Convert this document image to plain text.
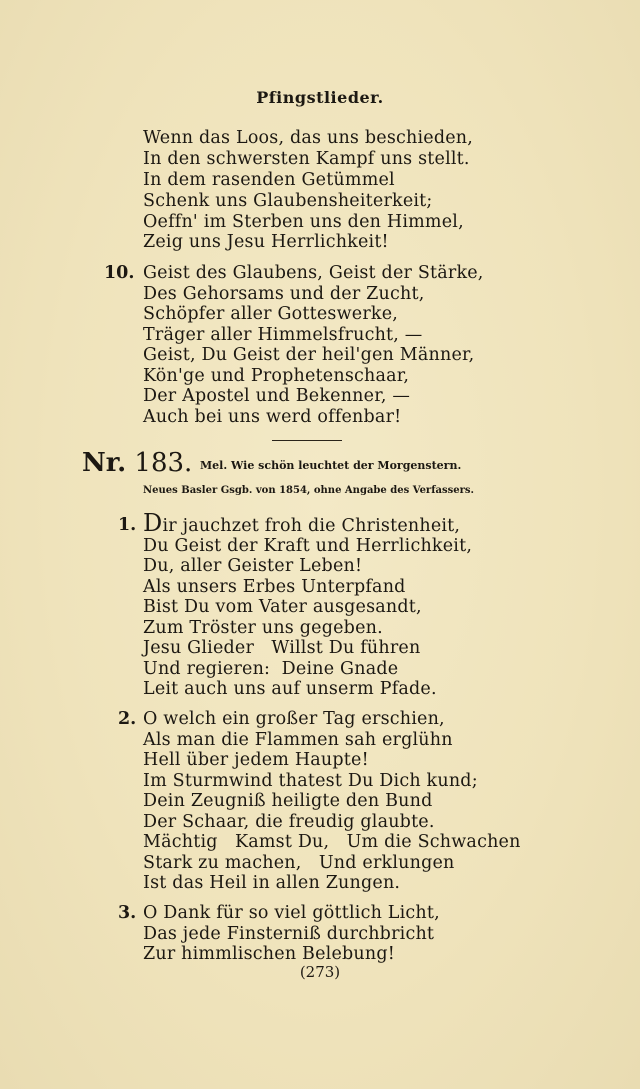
Pfingstlieder.
Wenn das Loos, das uns beschieden,
In den schwersten Kampf uns stellt.
In dem rasenden Getümmel
Schenk uns Glaubensheiterkeit;
Oeffn' im Sterben uns den Himmel,
Zeig uns Jesu Herrlichkeit!
10. Geist des Glaubens, Geist der Stärke,
Des Gehorsams und der Zucht,
Schöpfer aller Gotteswerke,
Träger aller Himmelsfrucht, —
Geist, Du Geist der heil'gen Männer,
Kön'ge und Prophetenschaar,
Der Apostel und Bekenner, —
Auch bei uns werd offenbar!
Nr. 183. Mel. Wie schön leuchtet der Morgenstern.
Neues Basler Gsgb. von 1854, ohne Angabe des Verfassers.
1. Dir jauchzet froh die Christenheit,
Du Geist der Kraft und Herrlichkeit,
Du, aller Geister Leben!
Als unsers Erbes Unterpfand
Bist Du vom Vater ausgesandt,
Zum Tröster uns gegeben.
Jesu Glieder   Willst Du führen
Und regieren:  Deine Gnade
Leit auch uns auf unserm Pfade.
2. O welch ein großer Tag erschien,
Als man die Flammen sah erglühn
Hell über jedem Haupte!
Im Sturmwind thatest Du Dich kund;
Dein Zeugniß heiligte den Bund
Der Schaar, die freudig glaubte.
Mächtig   Kamst Du,   Um die Schwachen
Stark zu machen,   Und erklungen
Ist das Heil in allen Zungen.
3. O Dank für so viel göttlich Licht,
Das jede Finsterniß durchbricht
Zur himmlischen Belebung!
(273)
